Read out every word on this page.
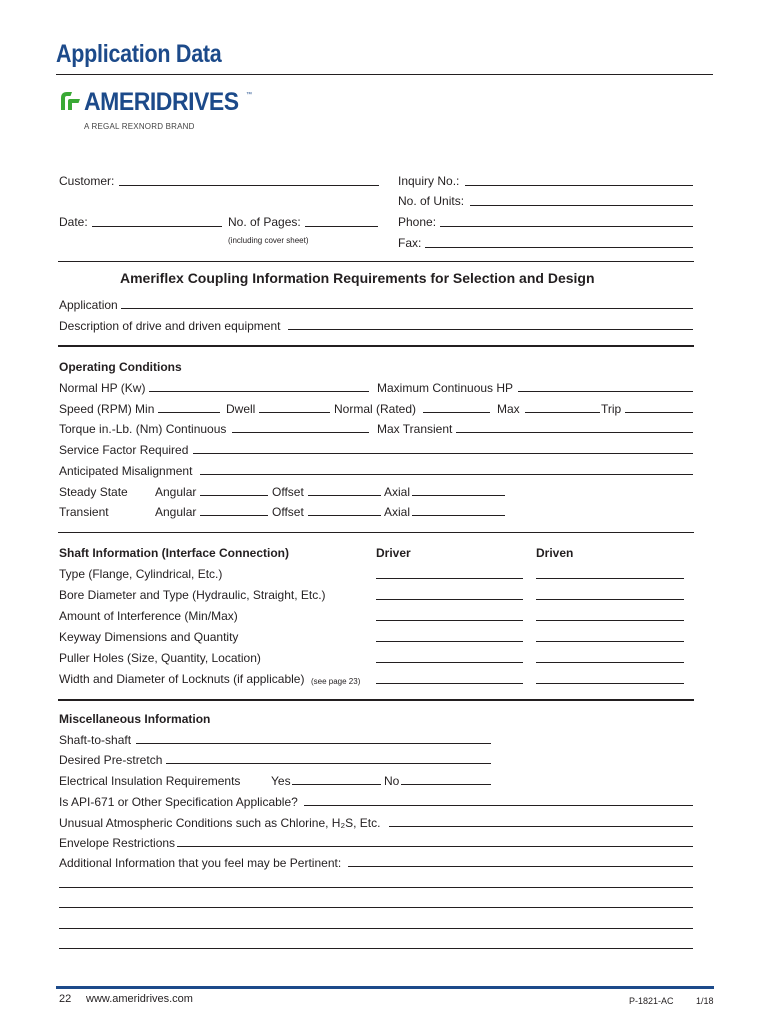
Application Data
AMERIDRIVES ™
A REGAL REXNORD BRAND
Customer:	Inquiry No.:
No. of Units:
Date:	No. of Pages:
(including cover sheet)
Phone:
Fax:
Ameriflex Coupling Information Requirements for Selection and Design
Application
Description of drive and driven equipment
Operating Conditions
Normal HP (Kw)	Maximum Continuous HP
Speed (RPM) Min	Dwell	Normal (Rated)	Max	Trip
Torque in.-Lb. (Nm) Continuous	Max Transient
Service Factor Required
Anticipated Misalignment
Steady State Angular	Offset	Axial
Transient	Angular	Offset	Axial
Shaft Information (Interface Connection)	Driver	Driven
Type (Flange, Cylindrical, Etc.)
Bore Diameter and Type (Hydraulic, Straight, Etc.)
Amount of Interference (Min/Max)
Keyway Dimensions and Quantity
Puller Holes (Size, Quantity, Location)
Width and Diameter of Locknuts (if applicable) (see page 23)
Miscellaneous Information
Shaft-to-shaft
Desired Pre-stretch
Electrical Insulation Requirements	Yes	No
Is API-671 or Other Specification Applicable?
Unusual Atmospheric Conditions such as Chlorine, H₂S, Etc.
Envelope Restrictions
Additional Information that you feel may be Pertinent:
22 www.ameridrives.com	P-1821-AC 1/18
